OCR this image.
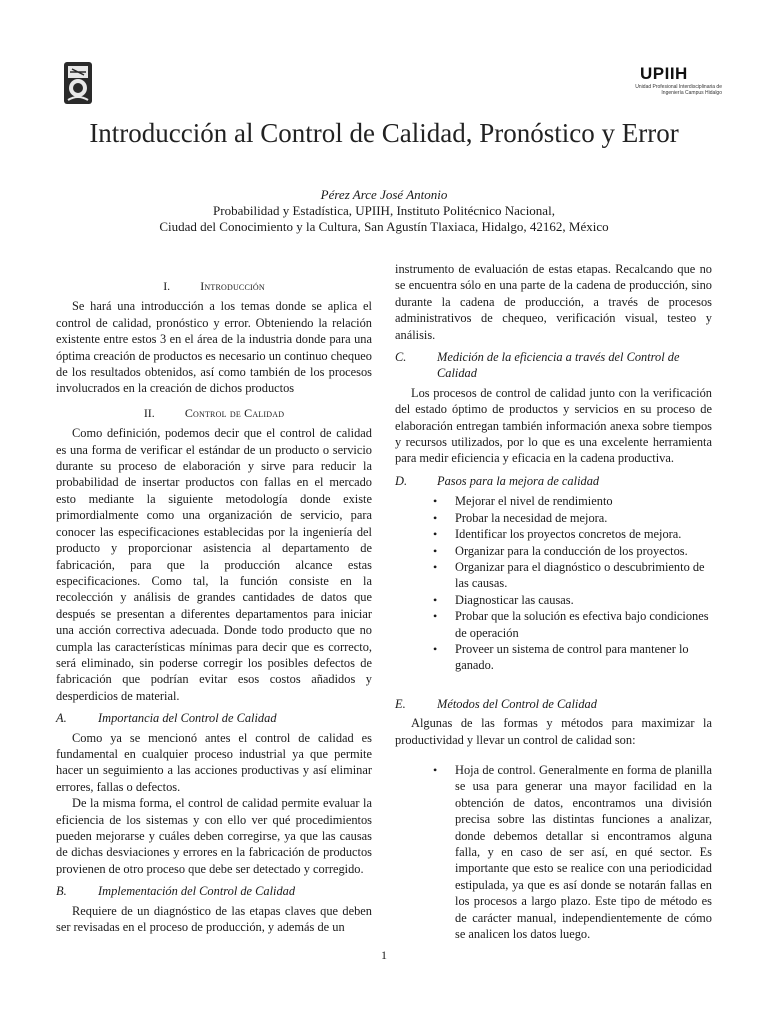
UPIIH
Unidad Profesional Interdisciplinaria de Ingeniería Campus Hidalgo
Introducción al Control de Calidad, Pronóstico y Error
Pérez Arce José Antonio
Probabilidad y Estadística, UPIIH, Instituto Politécnico Nacional,
Ciudad del Conocimiento y la Cultura, San Agustín Tlaxiaca, Hidalgo, 42162, México
I.	Introducción

Se hará una introducción a los temas donde se aplica el control de calidad, pronóstico y error. Obteniendo la relación existente entre estos 3 en el área de la industria donde para una óptima creación de productos es necesario un continuo chequeo de los resultados obtenidos, así como también de los procesos involucrados en la creación de dichos productos

II.	Control de Calidad

Como definición, podemos decir que el control de calidad es una forma de verificar el estándar de un producto o servicio durante su proceso de elaboración y sirve para reducir la probabilidad de insertar productos con fallas en el mercado esto mediante la siguiente metodología donde existe primordialmente como una organización de servicio, para conocer las especificaciones establecidas por la ingeniería del producto y proporcionar asistencia al departamento de fabricación, para que la producción alcance estas especificaciones. Como tal, la función consiste en la recolección y análisis de grandes cantidades de datos que después se presentan a diferentes departamentos para iniciar una acción correctiva adecuada. Donde todo producto que no cumpla las características mínimas para decir que es correcto, será eliminado, sin poderse corregir los posibles defectos de fabricación que podrían evitar esos costos añadidos y desperdicios de material.

A.	Importancia del Control de Calidad

Como ya se mencionó antes el control de calidad es fundamental en cualquier proceso industrial ya que permite hacer un seguimiento a las acciones productivas y así eliminar errores, fallas o defectos.

De la misma forma, el control de calidad permite evaluar la eficiencia de los sistemas y con ello ver qué procedimientos pueden mejorarse y cuáles deben corregirse, ya que las causas de dichas desviaciones y errores en la fabricación de productos provienen de otro proceso que debe ser detectado y corregido.

B.	Implementación del Control de Calidad

Requiere de un diagnóstico de las etapas claves que deben ser revisadas en el proceso de producción, y además de un

instrumento de evaluación de estas etapas. Recalcando que no se encuentra sólo en una parte de la cadena de producción, sino durante la cadena de producción, a través de procesos administrativos de chequeo, verificación visual, testeo y análisis.

C.	Medición de la eficiencia a través del Control de Calidad

Los procesos de control de calidad junto con la verificación del estado óptimo de productos y servicios en su proceso de elaboración entregan también información anexa sobre tiempos y recursos utilizados, por lo que es una excelente herramienta para medir eficiencia y eficacia en la cadena productiva.

D.	Pasos para la mejora de calidad
• Mejorar el nivel de rendimiento
• Probar la necesidad de mejora.
• Identificar los proyectos concretos de mejora.
• Organizar para la conducción de los proyectos.
• Organizar para el diagnóstico o descubrimiento de las causas.
• Diagnosticar las causas.
• Probar que la solución es efectiva bajo condiciones de operación
• Proveer un sistema de control para mantener lo ganado.
E.	Métodos del Control de Calidad

Algunas de las formas y métodos para maximizar la productividad y llevar un control de calidad son:

• Hoja de control. Generalmente en forma de planilla se usa para generar una mayor facilidad en la obtención de datos, encontramos una división precisa sobre las distintas funciones a analizar, donde debemos detallar si encontramos alguna falla, y en caso de ser así, en qué sector. Es importante que esto se realice con una periodicidad estipulada, ya que es así donde se notarán fallas en los procesos a largo plazo. Este tipo de método es de carácter manual, independientemente de cómo se analicen los datos luego.
1
